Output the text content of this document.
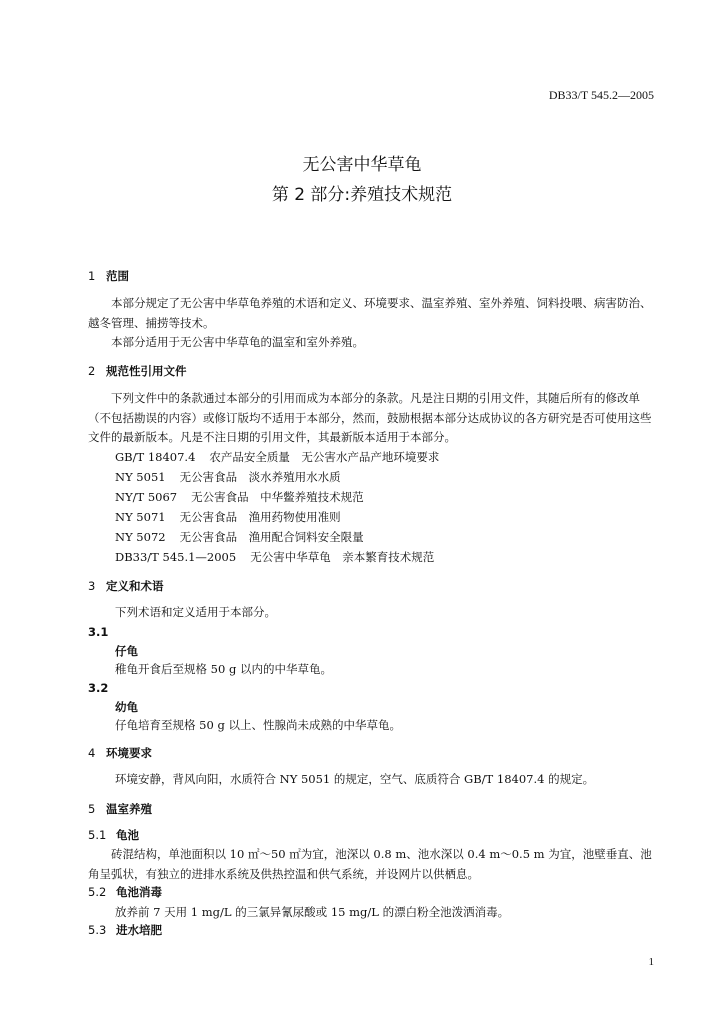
DB33/T 545.2—2005
无公害中华草龟
第 2 部分:养殖技术规范
1 范围
本部分规定了无公害中华草龟养殖的术语和定义、环境要求、温室养殖、室外养殖、饲料投喂、病害防治、越冬管理、捕捞等技术。
本部分适用于无公害中华草龟的温室和室外养殖。
2 规范性引用文件
下列文件中的条款通过本部分的引用而成为本部分的条款。凡是注日期的引用文件，其随后所有的修改单（不包括勘误的内容）或修订版均不适用于本部分，然而，鼓励根据本部分达成协议的各方研究是否可使用这些文件的最新版本。凡是不注日期的引用文件，其最新版本适用于本部分。
GB/T 18407.4 农产品安全质量　无公害水产品产地环境要求
NY 5051 无公害食品　淡水养殖用水水质
NY/T 5067 无公害食品　中华鳖养殖技术规范
NY 5071 无公害食品　渔用药物使用准则
NY 5072 无公害食品　渔用配合饲料安全限量
DB33/T 545.1—2005 无公害中华草龟　亲本繁育技术规范
3 定义和术语
下列术语和定义适用于本部分。
3.1
仔龟
稚龟开食后至规格 50 g 以内的中华草龟。
3.2
幼龟
仔龟培育至规格 50 g 以上、性腺尚未成熟的中华草龟。
4 环境要求
环境安静，背风向阳，水质符合 NY 5051 的规定，空气、底质符合 GB/T 18407.4 的规定。
5 温室养殖
5.1 龟池
砖混结构，单池面积以 10 ㎡～50 ㎡为宜，池深以 0.8 m、池水深以 0.4 m～0.5 m 为宜，池壁垂直、池角呈弧状，有独立的进排水系统及供热控温和供气系统，并设网片以供栖息。
5.2 龟池消毒
放养前 7 天用 1 mg/L 的三氯异氰尿酸或 15 mg/L 的漂白粉全池泼洒消毒。
5.3 进水培肥
1
